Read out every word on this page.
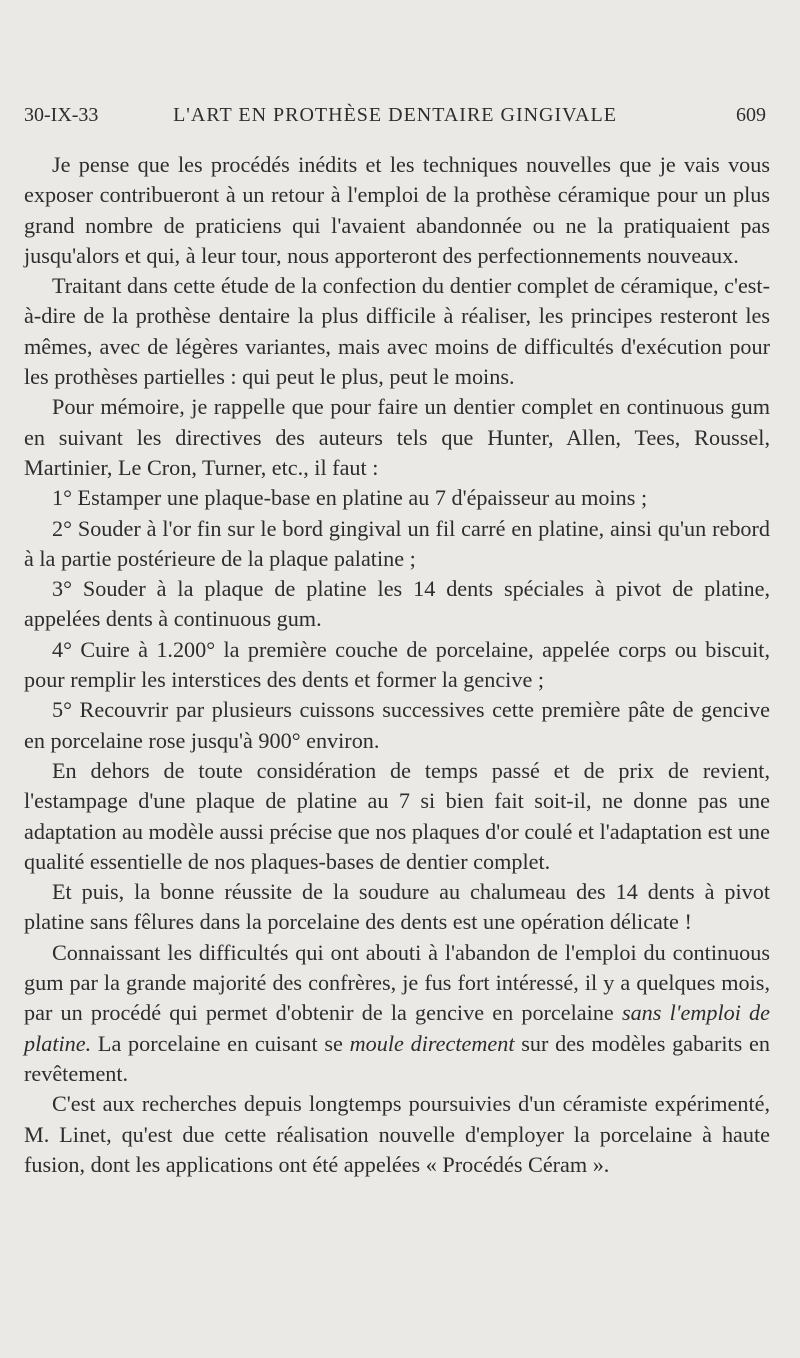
30-IX-33	L'ART EN PROTHÈSE DENTAIRE GINGIVALE	609

Je pense que les procédés inédits et les techniques nouvelles que je vais vous exposer contribueront à un retour à l'emploi de la prothèse céramique pour un plus grand nombre de praticiens qui l'avaient abandonnée ou ne la pratiquaient pas jusqu'alors et qui, à leur tour, nous apporteront des perfectionnements nouveaux.

Traitant dans cette étude de la confection du dentier complet de céramique, c'est-à-dire de la prothèse dentaire la plus difficile à réaliser, les principes resteront les mêmes, avec de légères variantes, mais avec moins de difficultés d'exécution pour les prothèses partielles : qui peut le plus, peut le moins.

Pour mémoire, je rappelle que pour faire un dentier complet en continuous gum en suivant les directives des auteurs tels que Hunter, Allen, Tees, Roussel, Martinier, Le Cron, Turner, etc., il faut :

1° Estamper une plaque-base en platine au 7 d'épaisseur au moins ;

2° Souder à l'or fin sur le bord gingival un fil carré en platine, ainsi qu'un rebord à la partie postérieure de la plaque palatine ;

3° Souder à la plaque de platine les 14 dents spéciales à pivot de platine, appelées dents à continuous gum.

4° Cuire à 1.200° la première couche de porcelaine, appelée corps ou biscuit, pour remplir les interstices des dents et former la gencive ;

5° Recouvrir par plusieurs cuissons successives cette première pâte de gencive en porcelaine rose jusqu'à 900° environ.

En dehors de toute considération de temps passé et de prix de revient, l'estampage d'une plaque de platine au 7 si bien fait soit-il, ne donne pas une adaptation au modèle aussi précise que nos plaques d'or coulé et l'adaptation est une qualité essentielle de nos plaques-bases de dentier complet.

Et puis, la bonne réussite de la soudure au chalumeau des 14 dents à pivot platine sans fêlures dans la porcelaine des dents est une opération délicate !

Connaissant les difficultés qui ont abouti à l'abandon de l'emploi du continuous gum par la grande majorité des confrères, je fus fort intéressé, il y a quelques mois, par un procédé qui permet d'obtenir de la gencive en porcelaine sans l'emploi de platine. La porcelaine en cuisant se moule directement sur des modèles gabarits en revêtement.

C'est aux recherches depuis longtemps poursuivies d'un céramiste expérimenté, M. Linet, qu'est due cette réalisation nouvelle d'employer la porcelaine à haute fusion, dont les applications ont été appelées « Procédés Céram ».
